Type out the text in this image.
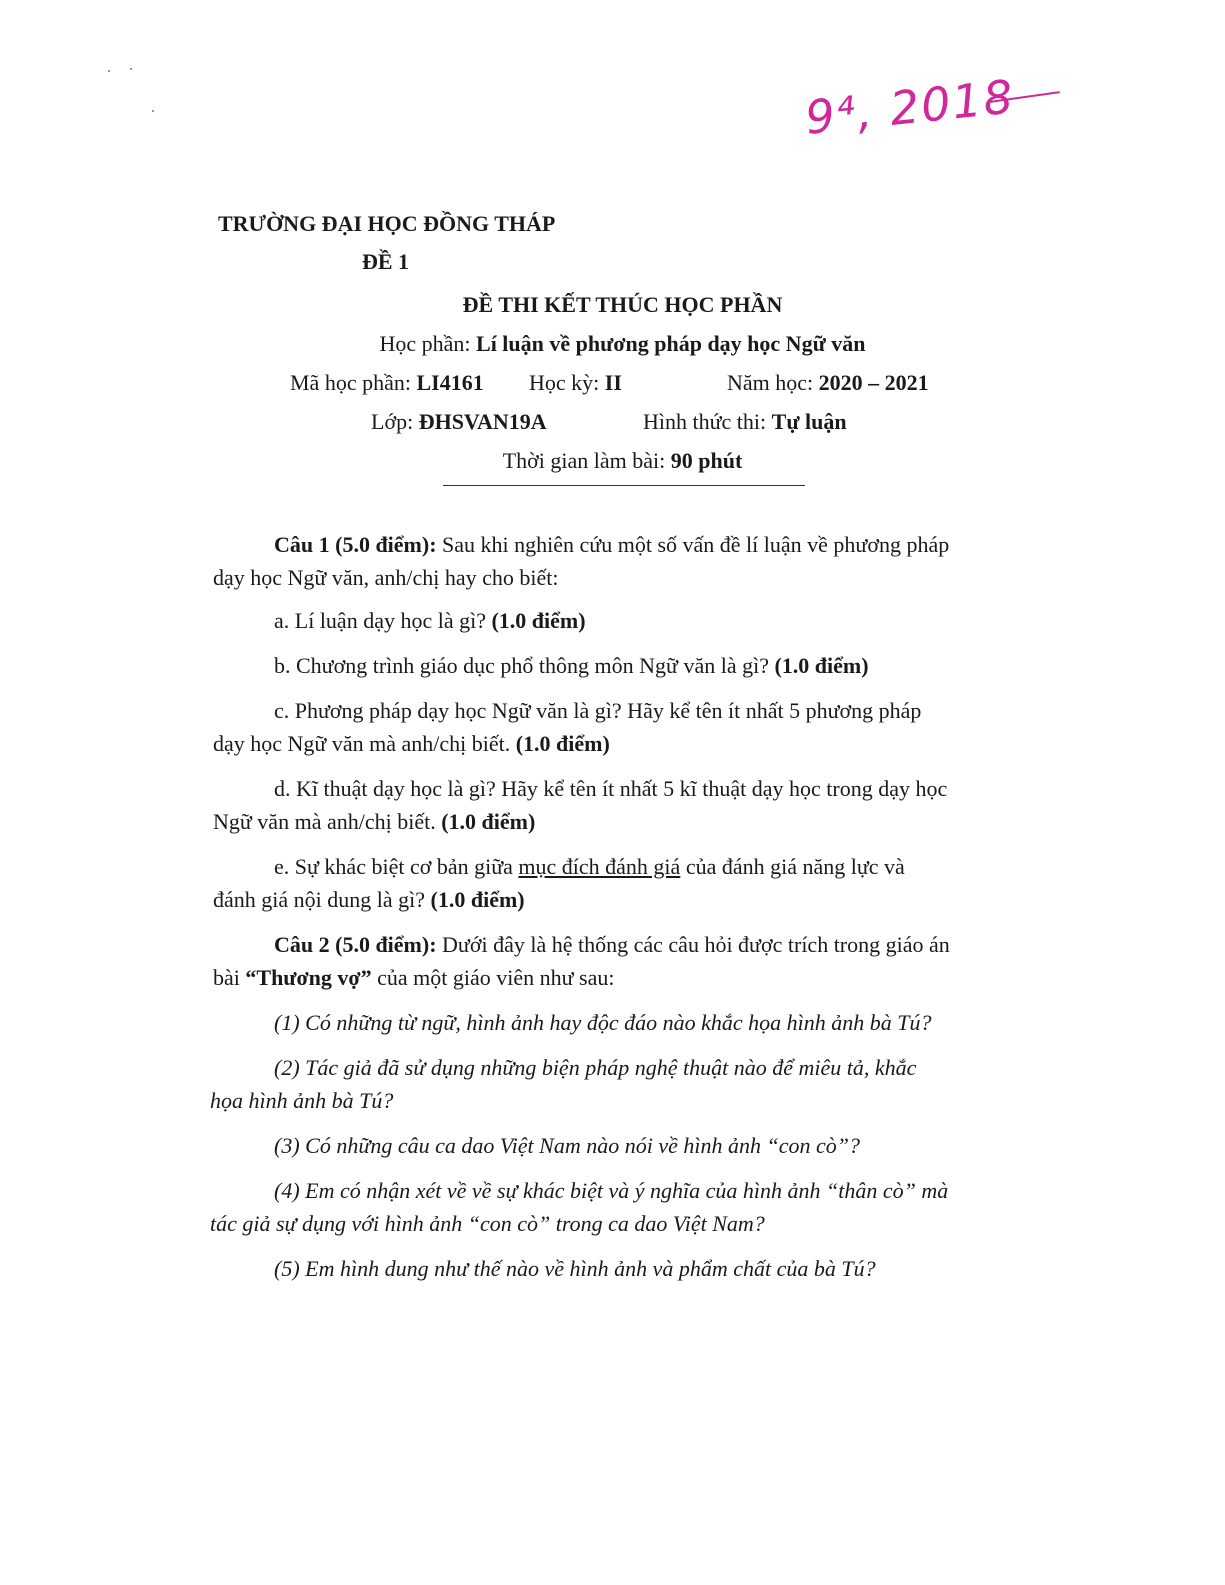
9⁴, 2018
TRƯỜNG ĐẠI HỌC ĐỒNG THÁP
ĐỀ 1
ĐỀ THI KẾT THÚC HỌC PHẦN
Học phần: Lí luận về phương pháp dạy học Ngữ văn
Mã học phần: LI4161 Học kỳ: II	Năm học: 2020 – 2021
Lớp: ĐHSVAN19A	Hình thức thi: Tự luận
Thời gian làm bài: 90 phút

Câu 1 (5.0 điểm): Sau khi nghiên cứu một số vấn đề lí luận về phương pháp

dạy học Ngữ văn, anh/chị hay cho biết:

a. Lí luận dạy học là gì? (1.0 điểm)

b. Chương trình giáo dục phổ thông môn Ngữ văn là gì? (1.0 điểm)

c. Phương pháp dạy học Ngữ văn là gì? Hãy kể tên ít nhất 5 phương pháp

dạy học Ngữ văn mà anh/chị biết. (1.0 điểm)

d. Kĩ thuật dạy học là gì? Hãy kể tên ít nhất 5 kĩ thuật dạy học trong dạy học

Ngữ văn mà anh/chị biết. (1.0 điểm)

e. Sự khác biệt cơ bản giữa mục đích đánh giá của đánh giá năng lực và

đánh giá nội dung là gì? (1.0 điểm)

Câu 2 (5.0 điểm): Dưới đây là hệ thống các câu hỏi được trích trong giáo án

bài “Thương vợ” của một giáo viên như sau:

(1) Có những từ ngữ, hình ảnh hay độc đáo nào khắc họa hình ảnh bà Tú?

(2) Tác giả đã sử dụng những biện pháp nghệ thuật nào để miêu tả, khắc

họa hình ảnh bà Tú?

(3) Có những câu ca dao Việt Nam nào nói về hình ảnh “con cò”?

(4) Em có nhận xét về về sự khác biệt và ý nghĩa của hình ảnh “thân cò” mà

tác giả sự dụng với hình ảnh “con cò” trong ca dao Việt Nam?

(5) Em hình dung như thế nào về hình ảnh và phẩm chất của bà Tú?
